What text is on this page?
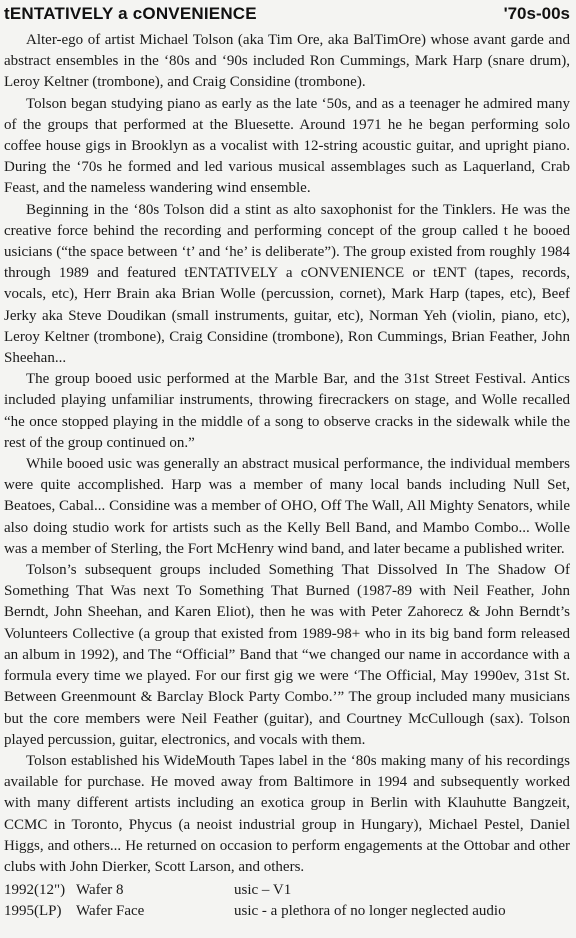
tENTATIVELY a cONVENIENCE	'70s-00s

Alter-ego of artist Michael Tolson (aka Tim Ore, aka BalTimOre) whose avant garde and abstract ensembles in the ‘80s and ‘90s included Ron Cummings, Mark Harp (snare drum), Leroy Keltner (trombone), and Craig Considine (trombone).

Tolson began studying piano as early as the late ‘50s, and as a teenager he admired many of the groups that performed at the Bluesette. Around 1971 he he began performing solo coffee house gigs in Brooklyn as a vocalist with 12-string acoustic guitar, and upright piano. During the ‘70s he formed and led various musical assemblages such as Laquerland, Crab Feast, and the nameless wandering wind ensemble.

Beginning in the ‘80s Tolson did a stint as alto saxophonist for the Tinklers. He was the creative force behind the recording and performing concept of the group called t he booed usicians (“the space between ‘t’ and ‘he’ is deliberate”). The group existed from roughly 1984 through 1989 and featured tENTATIVELY a cONVENIENCE or tENT (tapes, records, vocals, etc), Herr Brain aka Brian Wolle (percussion, cornet), Mark Harp (tapes, etc), Beef Jerky aka Steve Doudikan (small instruments, guitar, etc), Norman Yeh (violin, piano, etc), Leroy Keltner (trombone), Craig Considine (trombone), Ron Cummings, Brian Feather, John Sheehan...

The group booed usic performed at the Marble Bar, and the 31st Street Festival. Antics included playing unfamiliar instruments, throwing firecrackers on stage, and Wolle recalled “he once stopped playing in the middle of a song to observe cracks in the sidewalk while the rest of the group continued on.”

While booed usic was generally an abstract musical performance, the individual members were quite accomplished. Harp was a member of many local bands including Null Set, Beatoes, Cabal... Considine was a member of OHO, Off The Wall, All Mighty Senators, while also doing studio work for artists such as the Kelly Bell Band, and Mambo Combo... Wolle was a member of Sterling, the Fort McHenry wind band, and later became a published writer.

Tolson’s subsequent groups included Something That Dissolved In The Shadow Of Something That Was next To Something That Burned (1987-89 with Neil Feather, John Berndt, John Sheehan, and Karen Eliot), then he was with Peter Zahorecz & John Berndt’s Volunteers Collective (a group that existed from 1989-98+ who in its big band form released an album in 1992), and The “Official” Band that “we changed our name in accordance with a formula every time we played. For our first gig we were ‘The Official, May 1990ev, 31st St. Between Greenmount & Barclay Block Party Combo.’” The group included many musicians but the core members were Neil Feather (guitar), and Courtney McCullough (sax). Tolson played percussion, guitar, electronics, and vocals with them.

Tolson established his WideMouth Tapes label in the ‘80s making many of his recordings available for purchase. He moved away from Baltimore in 1994 and subsequently worked with many different artists including an exotica group in Berlin with Klauhutte Bangzeit, CCMC in Toronto, Phycus (a neoist industrial group in Hungary), Michael Pestel, Daniel Higgs, and others... He returned on occasion to perform engagements at the Ottobar and other clubs with John Dierker, Scott Larson, and others.

1992(12") Wafer 8	usic – V1
1995(LP) Wafer Face	usic - a plethora of no longer neglected audio
